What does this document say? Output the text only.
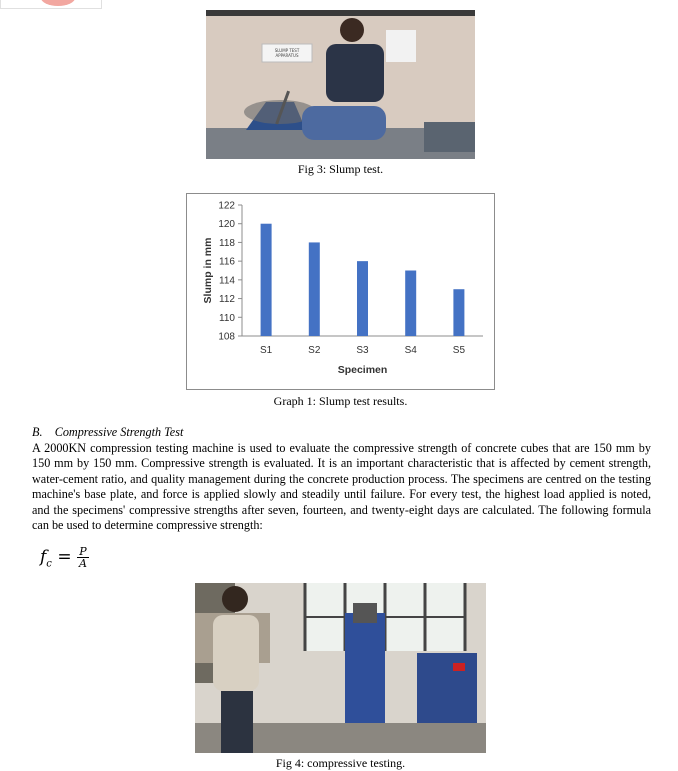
SLUMP TEST APPARATUS
Fig 3: Slump test.
108
110
112
114
116
118
120
122
S1	S2	S3	S4	S5
Specimen
Slump in mm
Graph 1: Slump test results.
B. Compressive Strength Test
A 2000KN compression testing machine is used to evaluate the compressive strength of concrete cubes that are 150 mm by 150 mm by 150 mm. Compressive strength is evaluated. It is an important characteristic that is affected by cement strength, water-cement ratio, and quality management during the concrete production process. The specimens are centred on the testing machine's base plate, and force is applied slowly and steadily until failure. For every test, the highest load applied is noted, and the specimens' compressive strengths after seven, fourteen, and twenty-eight days are calculated. The following formula can be used to determine compressive strength:
$f_c = \frac{P}{A}$
Fig 4: compressive testing.
